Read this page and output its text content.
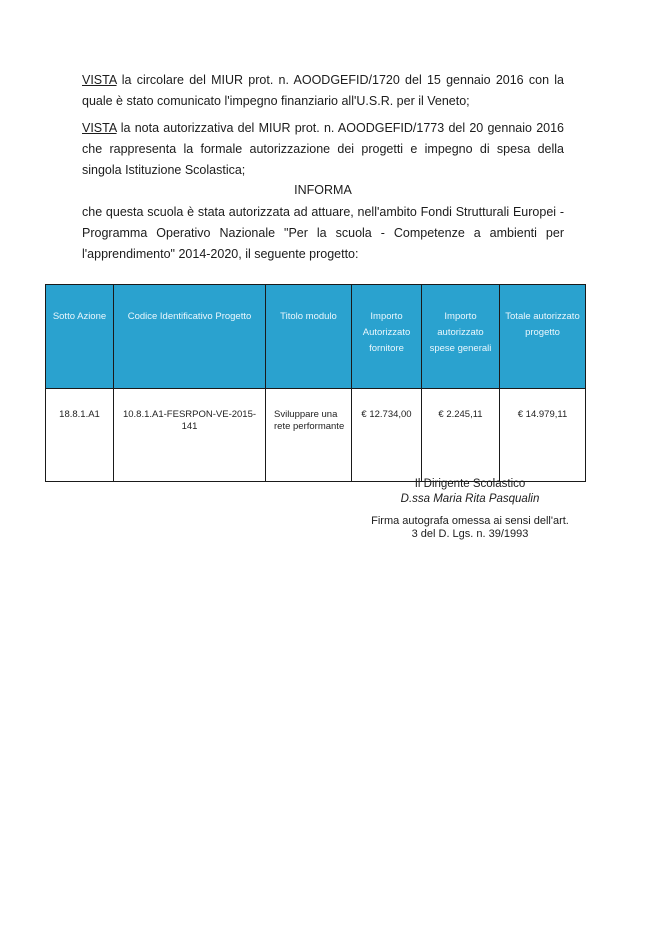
VISTA la circolare del MIUR prot. n. AOODGEFID/1720 del 15 gennaio 2016 con la quale è stato comunicato l'impegno finanziario all'U.S.R. per il Veneto;
VISTA la nota autorizzativa del MIUR prot. n. AOODGEFID/1773 del 20 gennaio 2016 che rappresenta la formale autorizzazione dei progetti e impegno di spesa della singola Istituzione Scolastica;
INFORMA
che questa scuola è stata autorizzata ad attuare, nell'ambito Fondi Strutturali Europei - Programma Operativo Nazionale "Per la scuola - Competenze a ambienti per l'apprendimento" 2014-2020, il seguente progetto:
Sotto Azione	Codice Identificativo Progetto	Titolo modulo	Importo Autorizzato fornitore	Importo autorizzato spese generali	Totale autorizzato progetto
18.8.1.A1	10.8.1.A1-FESRPON-VE-2015-141	Sviluppare una rete performante	€ 12.734,00	€ 2.245,11	€ 14.979,11
Il Dirigente Scolastico
D.ssa Maria Rita Pasqualin
Firma autografa omessa ai sensi dell'art. 3 del D. Lgs. n. 39/1993
